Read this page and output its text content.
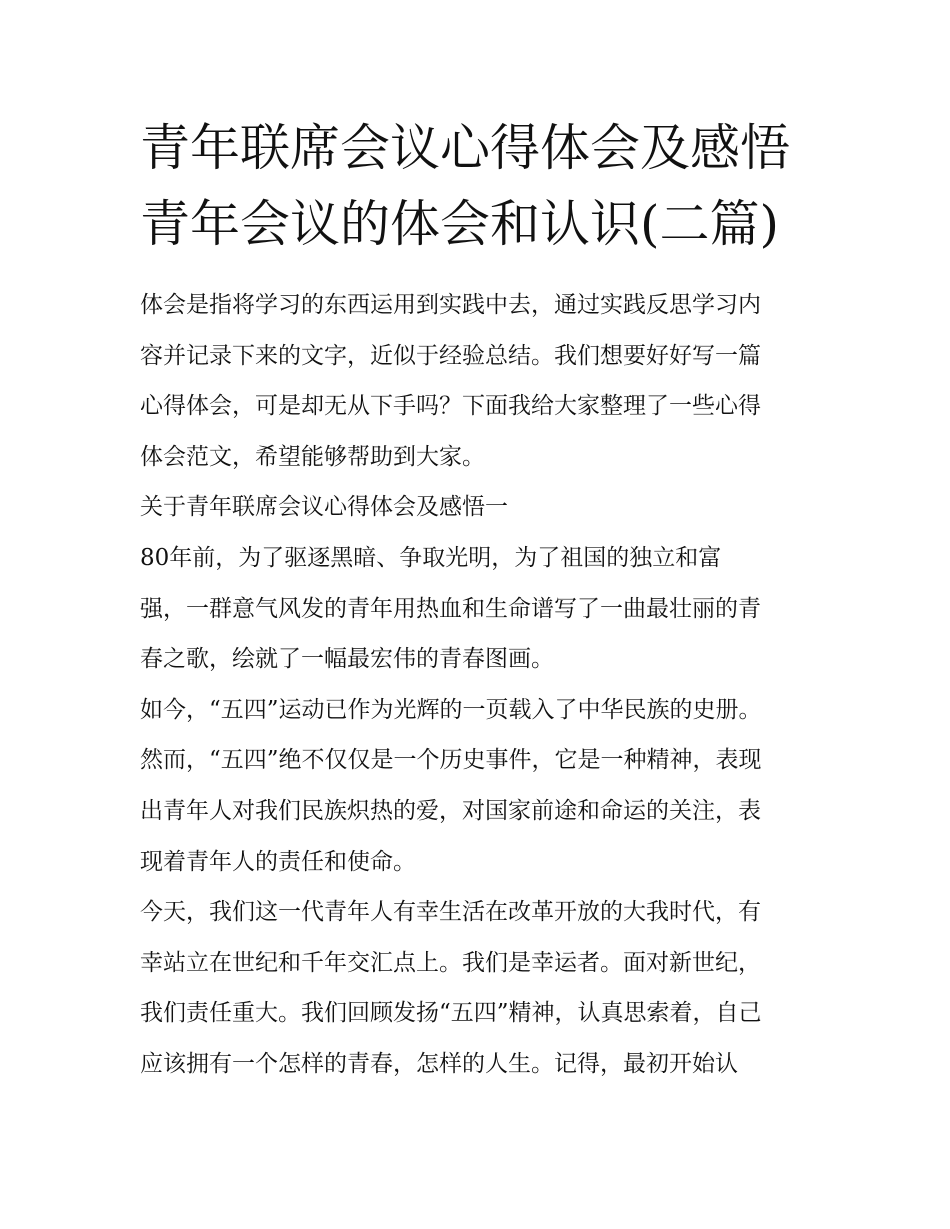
青年联席会议心得体会及感悟
青年会议的体会和认识(二篇)
体会是指将学习的东西运用到实践中去，通过实践反思学习内
容并记录下来的文字，近似于经验总结。我们想要好好写一篇
心得体会，可是却无从下手吗？下面我给大家整理了一些心得
体会范文，希望能够帮助到大家。
关于青年联席会议心得体会及感悟一
80年前，为了驱逐黑暗、争取光明，为了祖国的独立和富
强，一群意气风发的青年用热血和生命谱写了一曲最壮丽的青
春之歌，绘就了一幅最宏伟的青春图画。
如今，“五四”运动已作为光辉的一页载入了中华民族的史册。
然而，“五四”绝不仅仅是一个历史事件，它是一种精神，表现
出青年人对我们民族炽热的爱，对国家前途和命运的关注，表
现着青年人的责任和使命。
今天，我们这一代青年人有幸生活在改革开放的大我时代，有
幸站立在世纪和千年交汇点上。我们是幸运者。面对新世纪，
我们责任重大。我们回顾发扬“五四”精神，认真思索着，自己
应该拥有一个怎样的青春，怎样的人生。记得，最初开始认
